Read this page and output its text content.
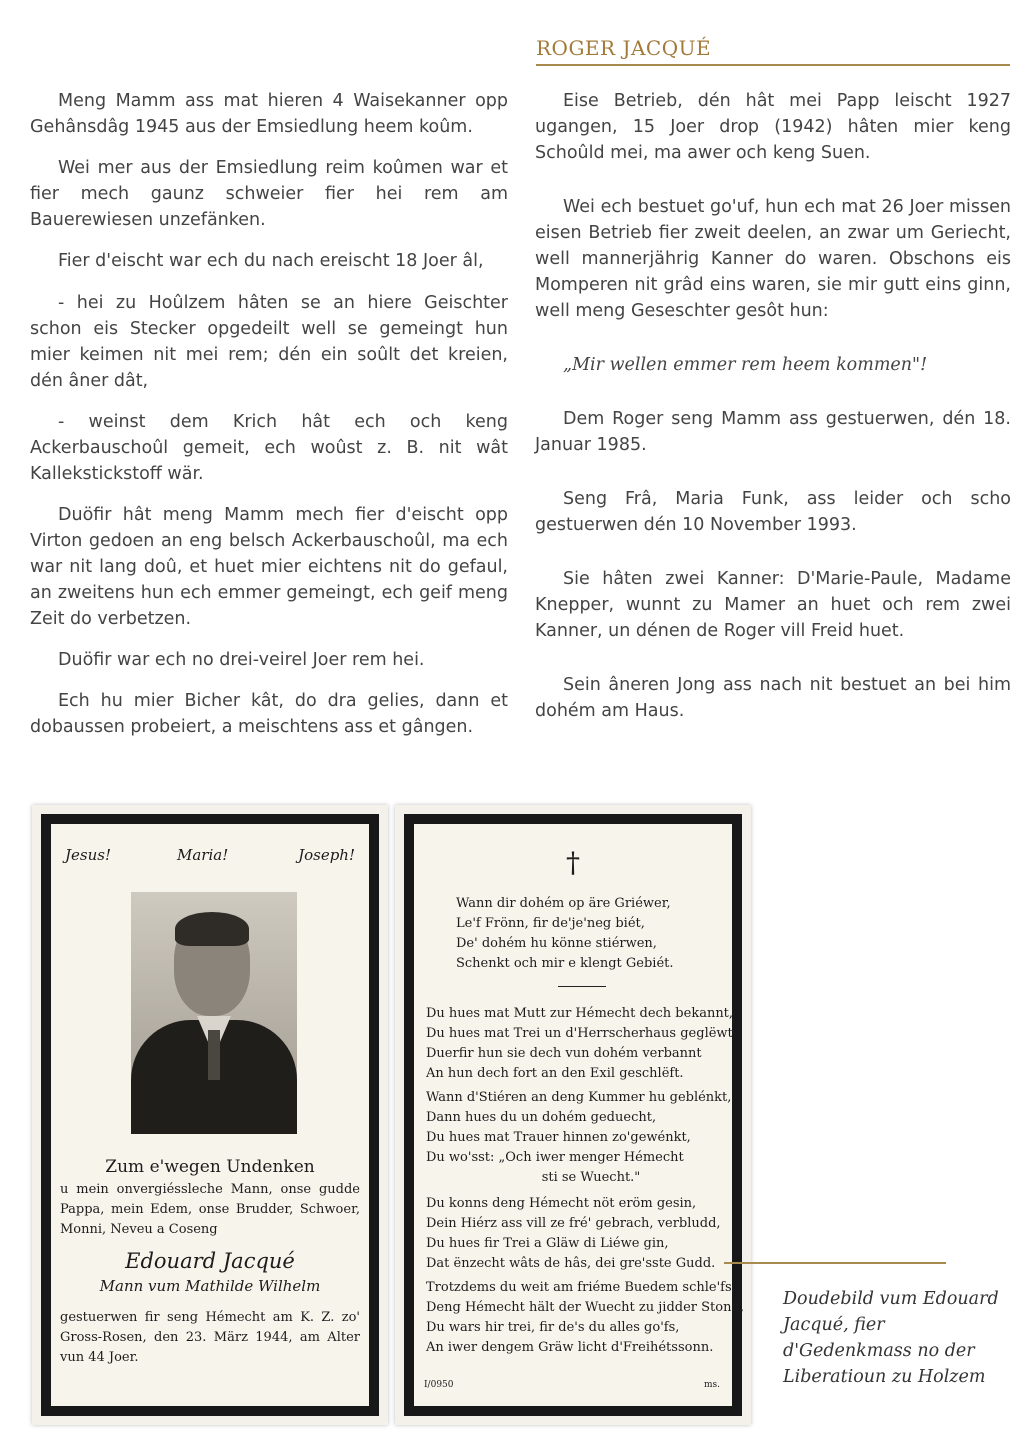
ROGER JACQUÉ

Meng Mamm ass mat hieren 4 Waisekanner opp Gehânsdâg 1945 aus der Emsiedlung heem koûm.

Wei mer aus der Emsiedlung reim koûmen war et fier mech gaunz schweier fier hei rem am Bauerewiesen unzefänken.

Fier d'eischt war ech du nach ereischt 18 Joer âl,

- hei zu Hoûlzem hâten se an hiere Geischter schon eis Stecker opgedeilt well se gemeingt hun mier keimen nit mei rem; dén ein soûlt det kreien, dén âner dât,

- weinst dem Krich hât ech och keng Ackerbauschoûl gemeit, ech woûst z. B. nit wât Kallekstickstoff wär.

Duöfir hât meng Mamm mech fier d'eischt opp Virton gedoen an eng belsch Ackerbauschoûl, ma ech war nit lang doû, et huet mier eichtens nit do gefaul, an zweitens hun ech emmer gemeingt, ech geif meng Zeit do verbetzen.

Duöfir war ech no drei-veirel Joer rem hei.

Ech hu mier Bicher kât, do dra gelies, dann et dobaussen probeiert, a meischtens ass et gângen.

Eise Betrieb, dén hât mei Papp leischt 1927 ugangen, 15 Joer drop (1942) hâten mier keng Schoûld mei, ma awer och keng Suen.

Wei ech bestuet go'uf, hun ech mat 26 Joer missen eisen Betrieb fier zweit deelen, an zwar um Geriecht, well mannerjährig Kanner do waren. Obschons eis Momperen nit grâd eins waren, sie mir gutt eins ginn, well meng Geseschter gesôt hun:

„Mir wellen emmer rem heem kommen"!

Dem Roger seng Mamm ass gestuerwen, dén 18. Januar 1985.

Seng Frâ, Maria Funk, ass leider och scho gestuerwen dén 10 November 1993.

Sie hâten zwei Kanner: D'Marie-Paule, Madame Knepper, wunnt zu Mamer an huet och rem zwei Kanner, un dénen de Roger vill Freid huet.

Sein âneren Jong ass nach nit bestuet an bei him dohém am Haus.

Jesus!	Maria!	Joseph!
Zum e'wegen Undenken
u mein onvergiéssleche Mann, onse gudde Pappa, mein Edem, onse Brudder, Schwoer, Monni, Neveu a Coseng
Edouard Jacqué
Mann vum Mathilde Wilhelm
gestuerwen fir seng Hémecht am K. Z. zo' Gross-Rosen, den 23. März 1944, am Alter vun 44 Joer.
†

Wann dir dohém op äre Griéwer,
Le'f Frönn, fir de'je'neg biét,
De' dohém hu könne stiérwen,
Schenkt och mir e klengt Gebiét.

Du hues mat Mutt zur Hémecht dech bekannt,
Du hues mat Trei un d'Herrscherhaus geglëwt,
Duerfir hun sie dech vun dohém verbannt
An hun dech fort an den Exil geschlëft.

Wann d'Stiéren an deng Kummer hu geblénkt,
Dann hues du un dohém geduecht,
Du hues mat Trauer hinnen zo'gewénkt,
Du wo'sst: „Och iwer menger Hémecht
sti se Wuecht."

Du konns deng Hémecht nöt eröm gesin,
Dein Hiérz ass vill ze fré' gebrach, verbludd,
Du hues fir Trei a Gläw di Liéwe gin,
Dat ënzecht wâts de hâs, dei gre'sste Gudd.

Trotzdems du weit am friéme Buedem schle'fs,
Deng Hémecht hält der Wuecht zu jidder Stonn,
Du wars hir trei, fir de's du alles go'fs,
An iwer dengem Gräw licht d'Freihétssonn.

I/0950	ms.
Doudebild vum Edouard Jacqué, fier d'Gedenkmass no der Liberatioun zu Holzem
